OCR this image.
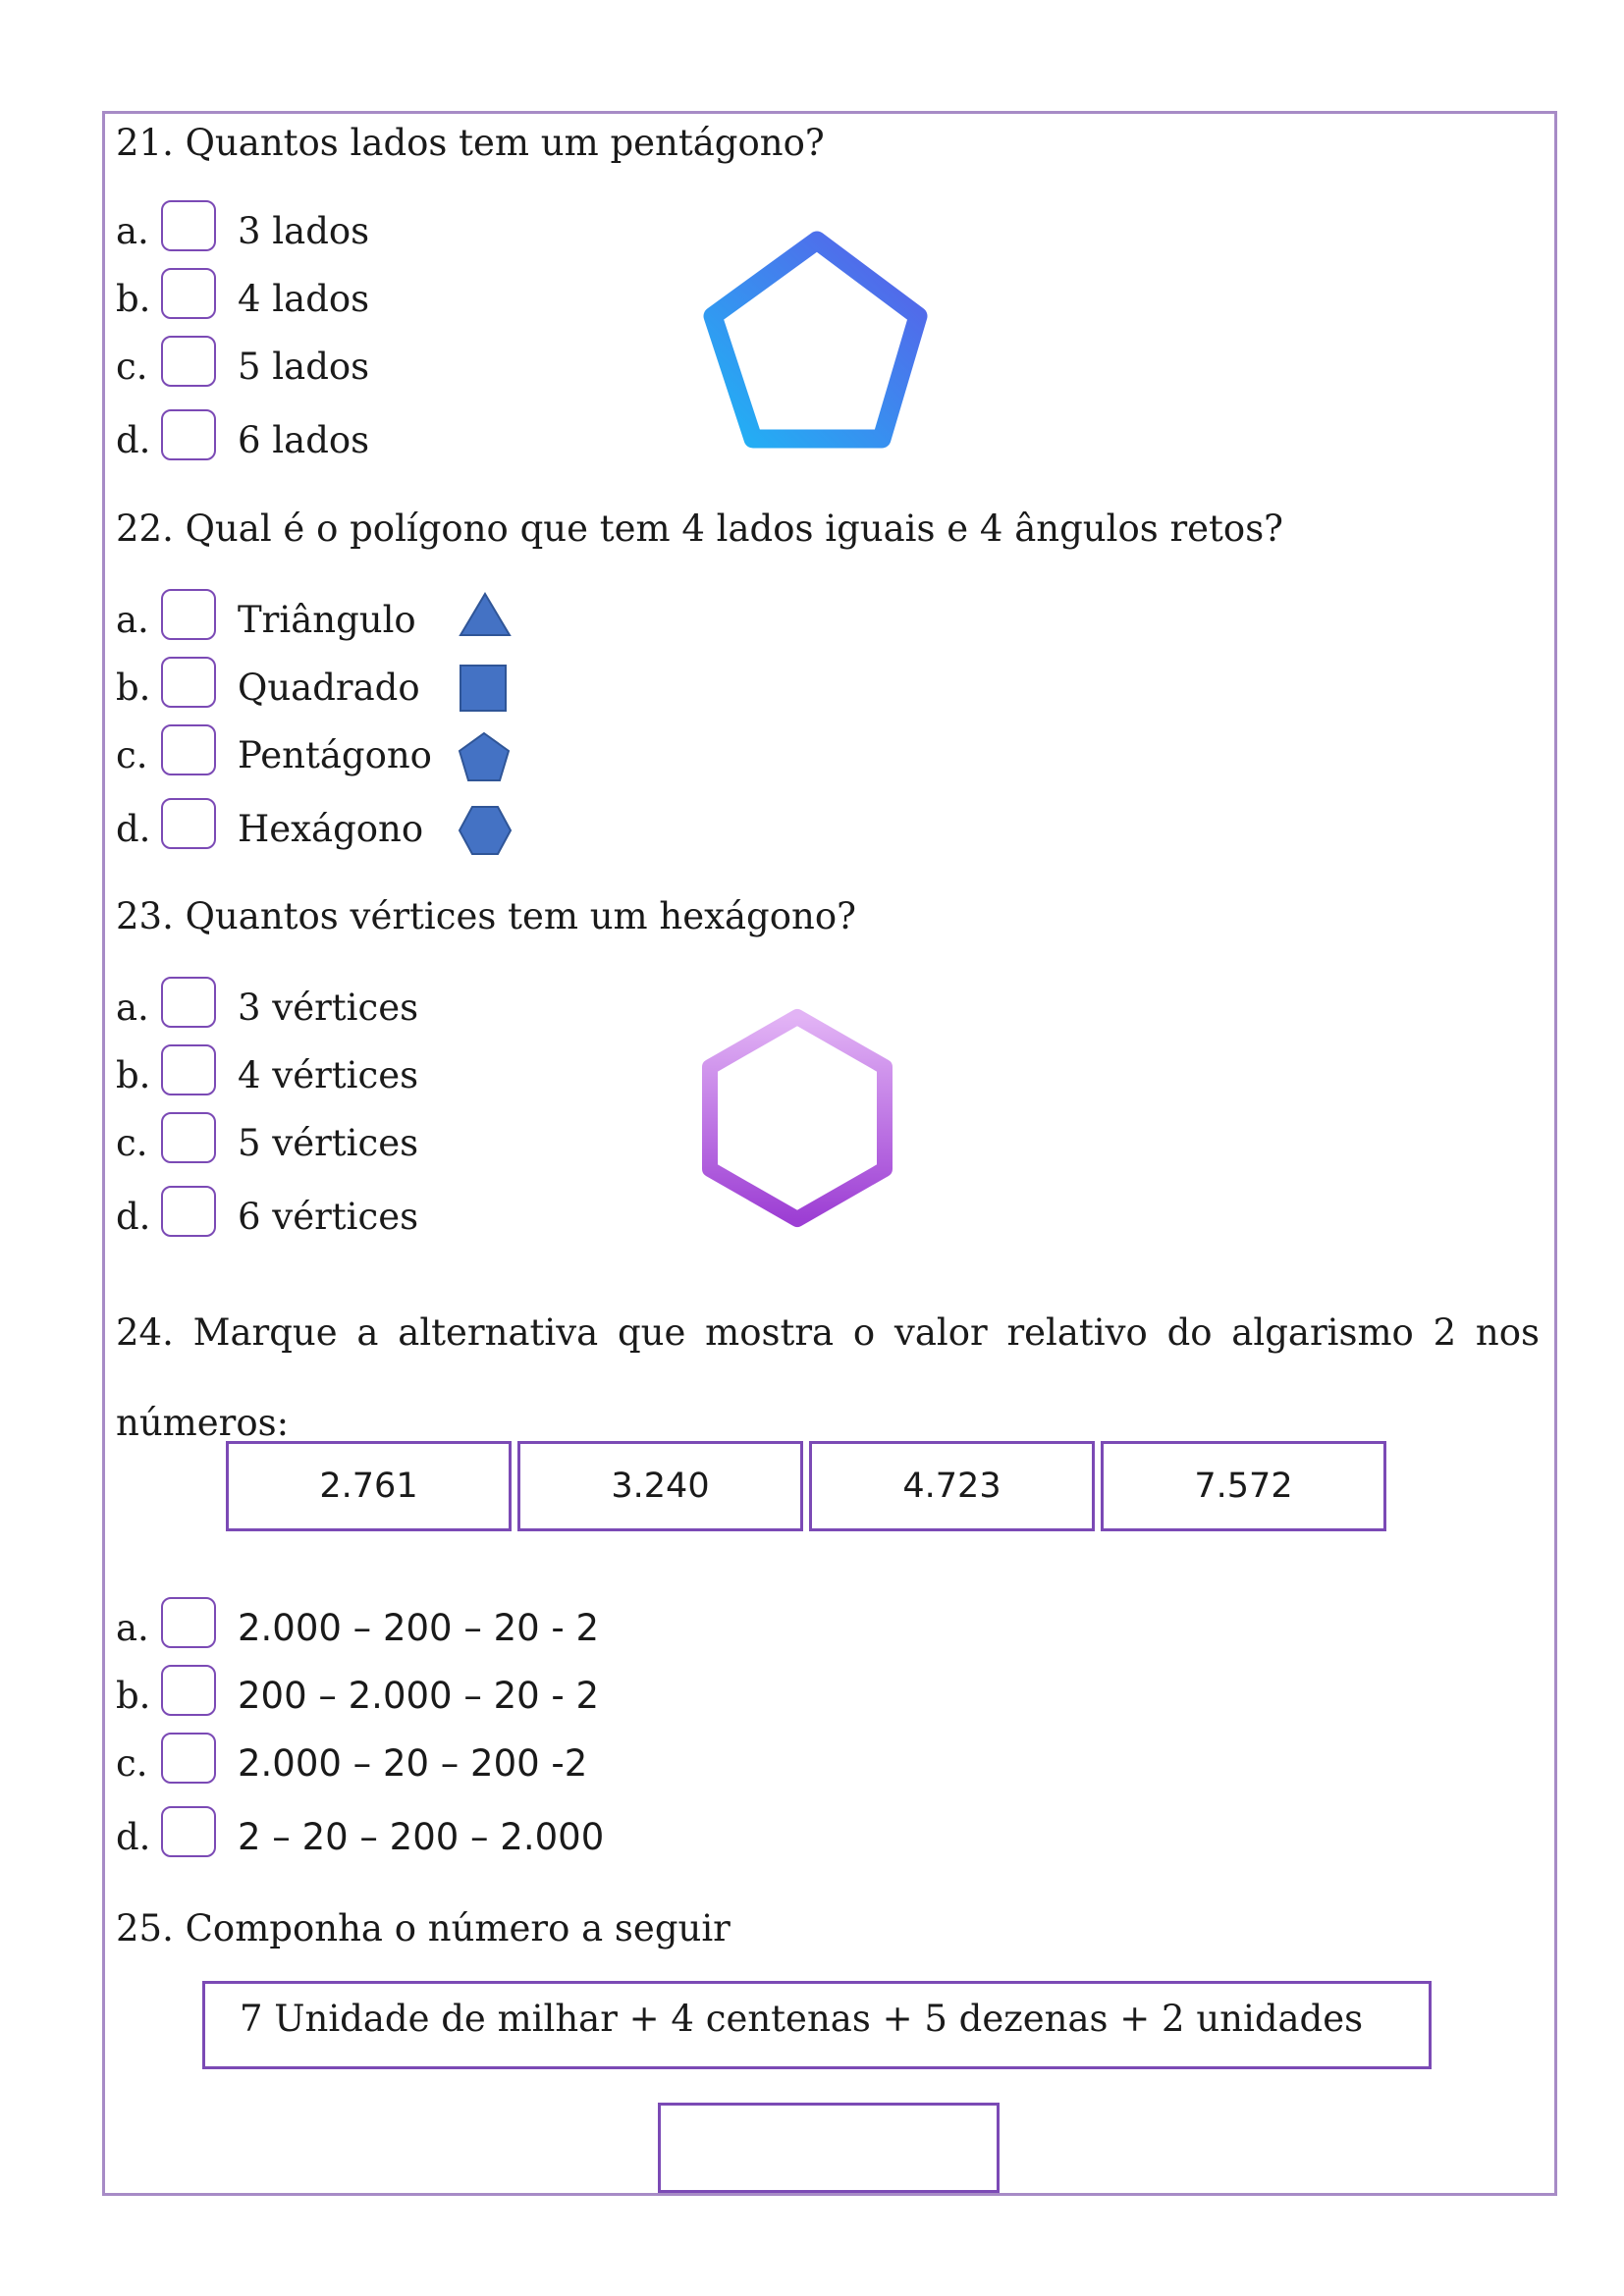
21. Quantos lados tem um pentágono?
a. 3 lados
b. 4 lados
c. 5 lados
d. 6 lados
22. Qual é o polígono que tem 4 lados iguais e 4 ângulos retos?
a. Triângulo
b. Quadrado
c. Pentágono
d. Hexágono
23. Quantos vértices tem um hexágono?
a. 3 vértices
b. 4 vértices
c. 5 vértices
d. 6 vértices
24. Marque a alternativa que mostra o valor relativo do algarismo 2 nos números:
2.761	3.240	4.723	7.572
a. 2.000 – 200 – 20 - 2
b. 200 – 2.000 – 20 - 2
c. 2.000 – 20 – 200 -2
d. 2 – 20 – 200 – 2.000
25. Componha o número a seguir
7 Unidade de milhar + 4 centenas + 5 dezenas + 2 unidades
